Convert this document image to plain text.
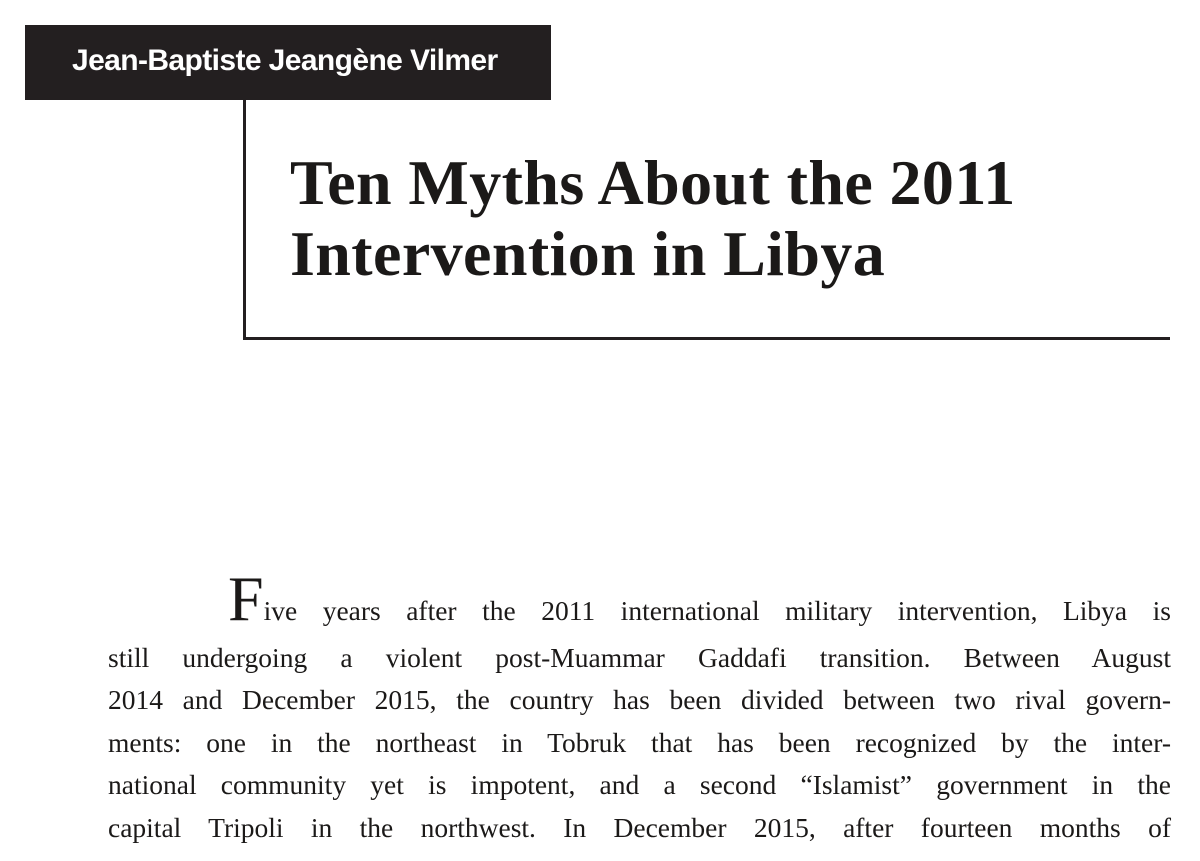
Jean-Baptiste Jeangène Vilmer
Ten Myths About the 2011
Intervention in Libya
Five years after the 2011 international military intervention, Libya is
still undergoing a violent post-Muammar Gaddafi transition. Between August
2014 and December 2015, the country has been divided between two rival govern-
ments: one in the northeast in Tobruk that has been recognized by the inter-
national community yet is impotent, and a second “Islamist” government in the
capital Tripoli in the northwest. In December 2015, after fourteen months of
